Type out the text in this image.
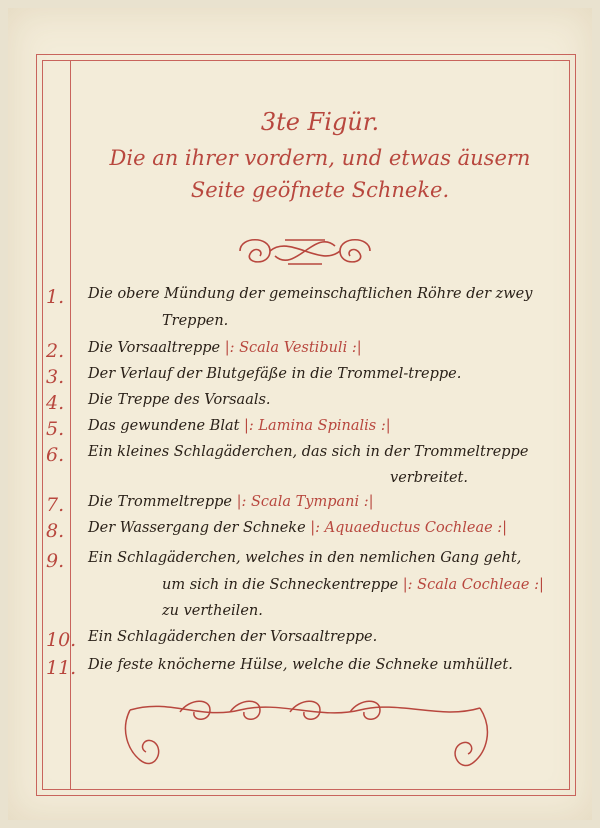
3te Figür.
Die an ihrer vordern, und etwas äusern
Seite geöfnete Schneke.
1.	Die obere Mündung der gemeinschaftlichen Röhre der zwey
Treppen.
2.	Die Vorsaaltreppe |: Scala Vestibuli :|
3.	Der Verlauf der Blutgefäße in die Trommel-treppe.
4.	Die Treppe des Vorsaals.
5.	Das gewundene Blat |: Lamina Spinalis :|
6.	Ein kleines Schlagäderchen, das sich in der Trommeltreppe
verbreitet.
7.	Die Trommeltreppe |: Scala Tympani :|
8.	Der Wassergang der Schneke |: Aquaeductus Cochleae :|
9.	Ein Schlagäderchen, welches in den nemlichen Gang geht,
um sich in die Schneckentreppe |: Scala Cochleae :|
zu vertheilen.
10. Ein Schlagäderchen der Vorsaaltreppe.
11. Die feste knöcherne Hülse, welche die Schneke umhüllet.
